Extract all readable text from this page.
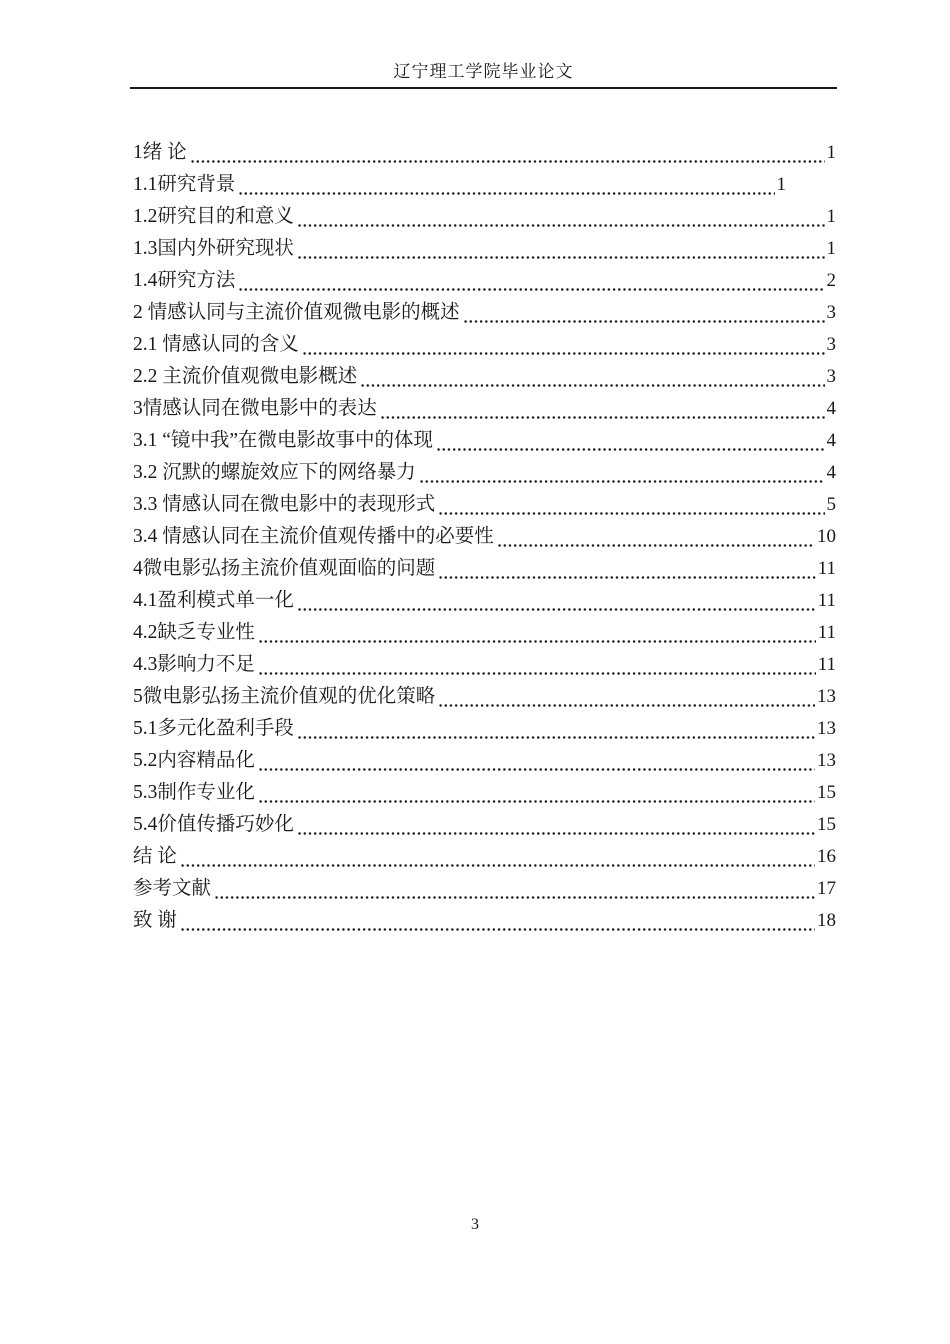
辽宁理工学院毕业论文
1绪 论	1
1.1研究背景	1
1.2研究目的和意义	1
1.3国内外研究现状	1
1.4研究方法	2
2 情感认同与主流价值观微电影的概述	3
2.1 情感认同的含义	3
2.2 主流价值观微电影概述	3
3情感认同在微电影中的表达	4
3.1 “镜中我”在微电影故事中的体现	4
3.2 沉默的螺旋效应下的网络暴力	4
3.3 情感认同在微电影中的表现形式	5
3.4 情感认同在主流价值观传播中的必要性	10
4微电影弘扬主流价值观面临的问题	11
4.1盈利模式单一化	11
4.2缺乏专业性	11
4.3影响力不足	11
5微电影弘扬主流价值观的优化策略	13
5.1多元化盈利手段	13
5.2内容精品化	13
5.3制作专业化	15
5.4价值传播巧妙化	15
结 论	16
参考文献	17
致 谢	18
3
